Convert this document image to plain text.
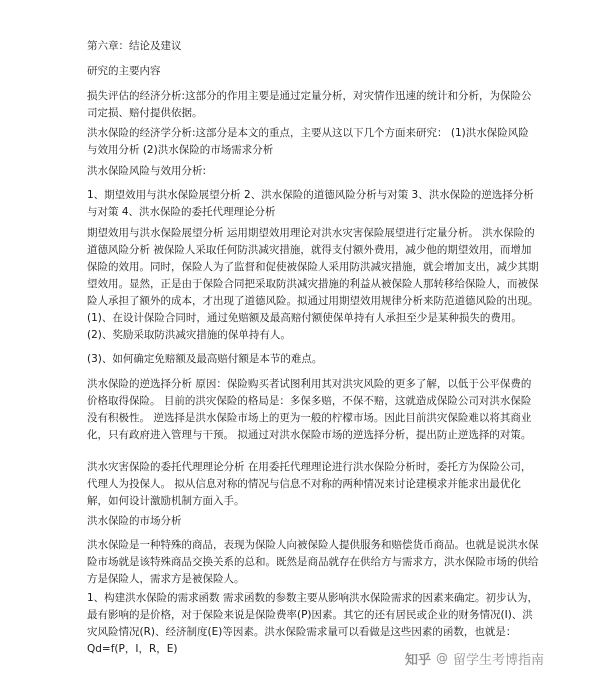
第六章：结论及建议

研究的主要内容

损失评估的经济分析:这部分的作用主要是通过定量分析，对灾情作迅速的统计和分析，为保险公司定损、赔付提供依据。

洪水保险的经济学分析:这部分是本文的重点，主要从这以下几个方面来研究： (1)洪水保险风险与效用分析 (2)洪水保险的市场需求分析

洪水保险风险与效用分析:

1、期望效用与洪水保险展望分析 2、洪水保险的道德风险分析与对策 3、洪水保险的逆选择分析与对策 4、洪水保险的委托代理理论分析

期望效用与洪水保险展望分析 运用期望效用理论对洪水灾害保险展望进行定量分析。 洪水保险的道德风险分析 被保险人采取任何防洪减灾措施，就得支付额外费用，减少他的期望效用，而增加保险的效用。同时，保险人为了监督和促使被保险人采用防洪减灾措施，就会增加支出，减少其期望效用。显然，正是由于保险合同把采取防洪减灾措施的利益从被保险人那转移给保险人，而被保险人承担了额外的成本，才出现了道德风险。拟通过用期望效用规律分析来防范道德风险的出现。 (1)、在设计保险合同时，通过免赔额及最高赔付额使保单持有人承担至少是某种损失的费用。(2)、奖励采取防洪减灾措施的保单持有人。

(3)、如何确定免赔额及最高赔付额是本节的难点。

洪水保险的逆选择分析 原因：保险购买者试图利用其对洪灾风险的更多了解，以低于公平保费的价格取得保险。 目前的洪灾保险的格局是：多保多赔，不保不赔，这就造成保险公司对洪水保险没有积极性。 逆选择是洪水保险市场上的更为一般的柠檬市场。因此目前洪灾保险难以将其商业化，只有政府进入管理与干预。 拟通过对洪水保险市场的逆选择分析，提出防止逆选择的对策。

洪水灾害保险的委托代理理论分析 在用委托代理理论进行洪水保险分析时，委托方为保险公司，代理人为投保人。 拟从信息对称的情况与信息不对称的两种情况来讨论建模求并能求出最优化解，如何设计激励机制方面入手。

洪水保险的市场分析

洪水保险是一种特殊的商品，表现为保险人向被保险人提供服务和赔偿货币商品。也就是说洪水保险市场就是该特殊商品交换关系的总和。既然是商品就存在供给方与需求方，洪水保险市场的供给方是保险人，需求方是被保险人。

1、构建洪水保险的需求函数 需求函数的参数主要从影响洪水保险需求的因素来确定。初步认为，最有影响的是价格，对于保险来说是保险费率(P)因素。其它的还有居民或企业的财务情况(I)、洪灾风险情况(R)、经济制度(E)等因素。洪水保险需求量可以看做是这些因素的函数，也就是：Qd=f(P，I，R，E)

知乎 @ 留学生考博指南
